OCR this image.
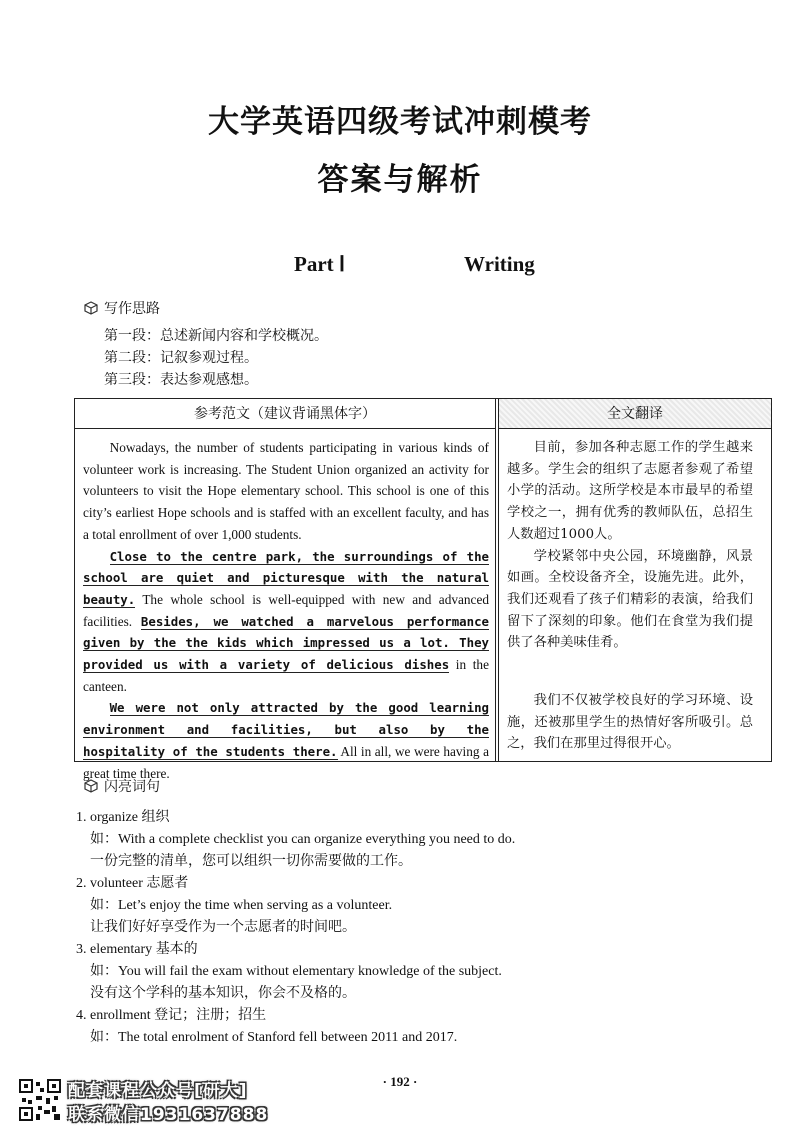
大学英语四级考试冲刺模考
答案与解析
Part Ⅰ	Writing
写作思路
第一段：总述新闻内容和学校概况。
第二段：记叙参观过程。
第三段：表达参观感想。
参考范文（建议背诵黑体字）	全文翻译

Nowadays, the number of students participating in various kinds of volunteer work is increasing. The Student Union organized an activity for volunteers to visit the Hope elementary school. This school is one of this city’s earliest Hope schools and is staffed with an excellent faculty, and has a total enrollment of over 1,000 students.

Close to the centre park, the surroundings of the school are quiet and picturesque with the natural beauty. The whole school is well-equipped with new and advanced facilities. Besides, we watched a marvelous performance given by the the kids which impressed us a lot. They provided us with a variety of delicious dishes in the canteen.

We were not only attracted by the good learning environment and facilities, but also by the hospitality of the students there. All in all, we were having a great time there.

目前，参加各种志愿工作的学生越来越多。学生会的组织了志愿者参观了希望小学的活动。这所学校是本市最早的希望学校之一，拥有优秀的教师队伍，总招生人数超过1000人。

学校紧邻中央公园，环境幽静，风景如画。全校设备齐全，设施先进。此外，我们还观看了孩子们精彩的表演，给我们留下了深刻的印象。他们在食堂为我们提供了各种美味佳肴。

我们不仅被学校良好的学习环境、设施，还被那里学生的热情好客所吸引。总之，我们在那里过得很开心。

闪亮词句
1. organize 组织
如：With a complete checklist you can organize everything you need to do.
一份完整的清单，您可以组织一切你需要做的工作。
2. volunteer 志愿者
如：Let’s enjoy the time when serving as a volunteer.
让我们好好享受作为一个志愿者的时间吧。
3. elementary 基本的
如：You will fail the exam without elementary knowledge of the subject.
没有这个学科的基本知识，你会不及格的。
4. enrollment 登记；注册；招生
如：The total enrolment of Stanford fell between 2011 and 2017.
· 192 ·
配套课程公众号[研大]
联系微信1931637888
